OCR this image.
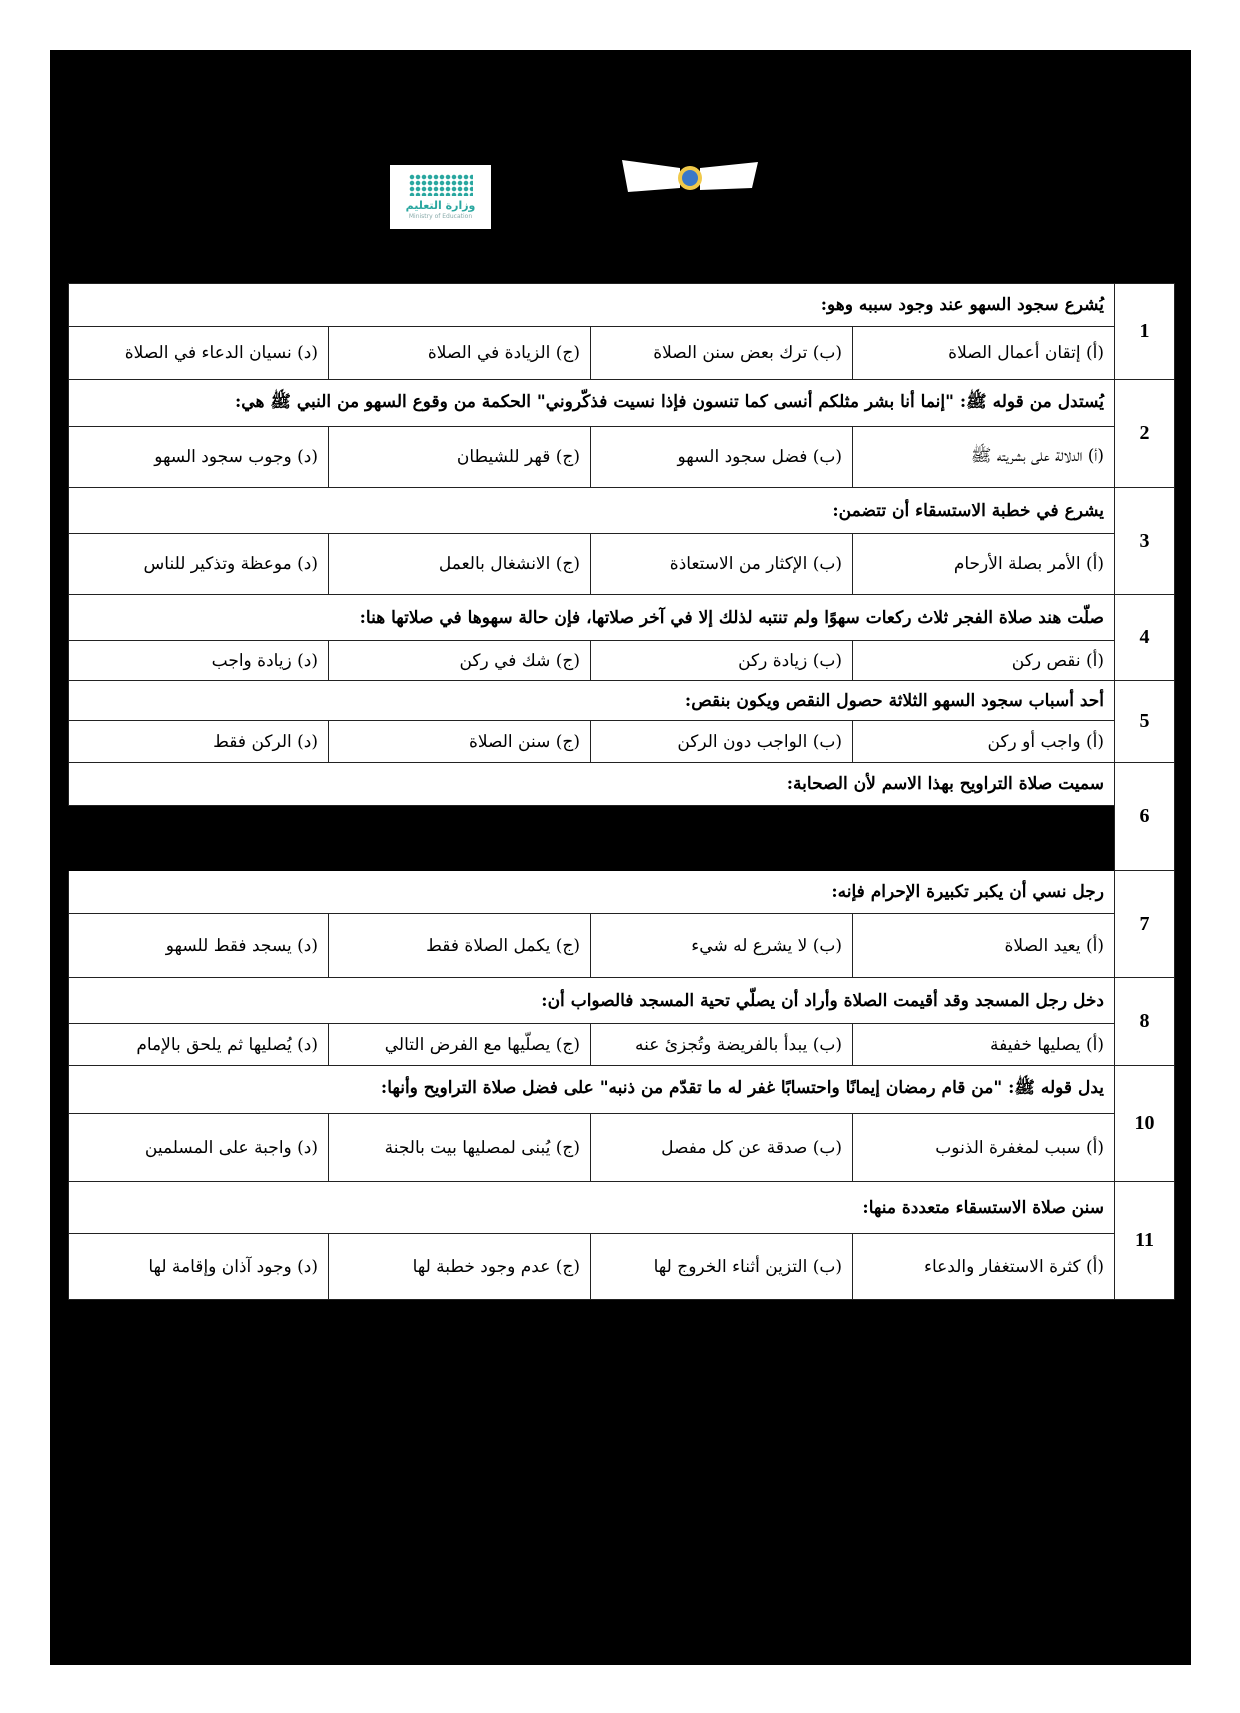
وزارة التعليم
Ministry of Education
1	يُشرع سجود السهو عند وجود سببه وهو:			
	(أ) إتقان أعمال الصلاة	(ب) ترك بعض سنن الصلاة	(ج) الزيادة في الصلاة	(د) نسيان الدعاء في الصلاة
2	يُستدل من قوله ﷺ: "إنما أنا بشر مثلكم أنسى كما تنسون فإذا نسيت فذكّروني" الحكمة من وقوع السهو من النبي ﷺ هي:			
	(أ) الدلالة على بشريته ﷺ	(ب) فضل سجود السهو	(ج) قهر للشيطان	(د) وجوب سجود السهو
3	يشرع في خطبة الاستسقاء أن تتضمن:			
	(أ) الأمر بصلة الأرحام	(ب) الإكثار من الاستعاذة	(ج) الانشغال بالعمل	(د) موعظة وتذكير للناس
4	صلّت هند صلاة الفجر ثلاث ركعات سهوًا ولم تنتبه لذلك إلا في آخر صلاتها، فإن حالة سهوها في صلاتها هنا:			
	(أ) نقص ركن	(ب) زيادة ركن	(ج) شك في ركن	(د) زيادة واجب
5	أحد أسباب سجود السهو الثلاثة حصول النقص ويكون بنقص:			
	(أ) واجب أو ركن	(ب) الواجب دون الركن	(ج) سنن الصلاة	(د) الركن فقط
6	سميت صلاة التراويح بهذا الاسم لأن الصحابة:			

7	رجل نسي أن يكبر تكبيرة الإحرام فإنه:			
	(أ) يعيد الصلاة	(ب) لا يشرع له شيء	(ج) يكمل الصلاة فقط	(د) يسجد فقط للسهو
8	دخل رجل المسجد وقد أقيمت الصلاة وأراد أن يصلّي تحية المسجد فالصواب أن:			
	(أ) يصليها خفيفة	(ب) يبدأ بالفريضة وتُجزئ عنه	(ج) يصلّيها مع الفرض التالي	(د) يُصليها ثم يلحق بالإمام
10	يدل قوله ﷺ: "من قام رمضان إيمانًا واحتسابًا غفر له ما تقدّم من ذنبه" على فضل صلاة التراويح وأنها:			
	(أ) سبب لمغفرة الذنوب	(ب) صدقة عن كل مفصل	(ج) يُبنى لمصليها بيت بالجنة	(د) واجبة على المسلمين
11	سنن صلاة الاستسقاء متعددة منها:			
	(أ) كثرة الاستغفار والدعاء	(ب) التزين أثناء الخروج لها	(ج) عدم وجود خطبة لها	(د) وجود آذان وإقامة لها
